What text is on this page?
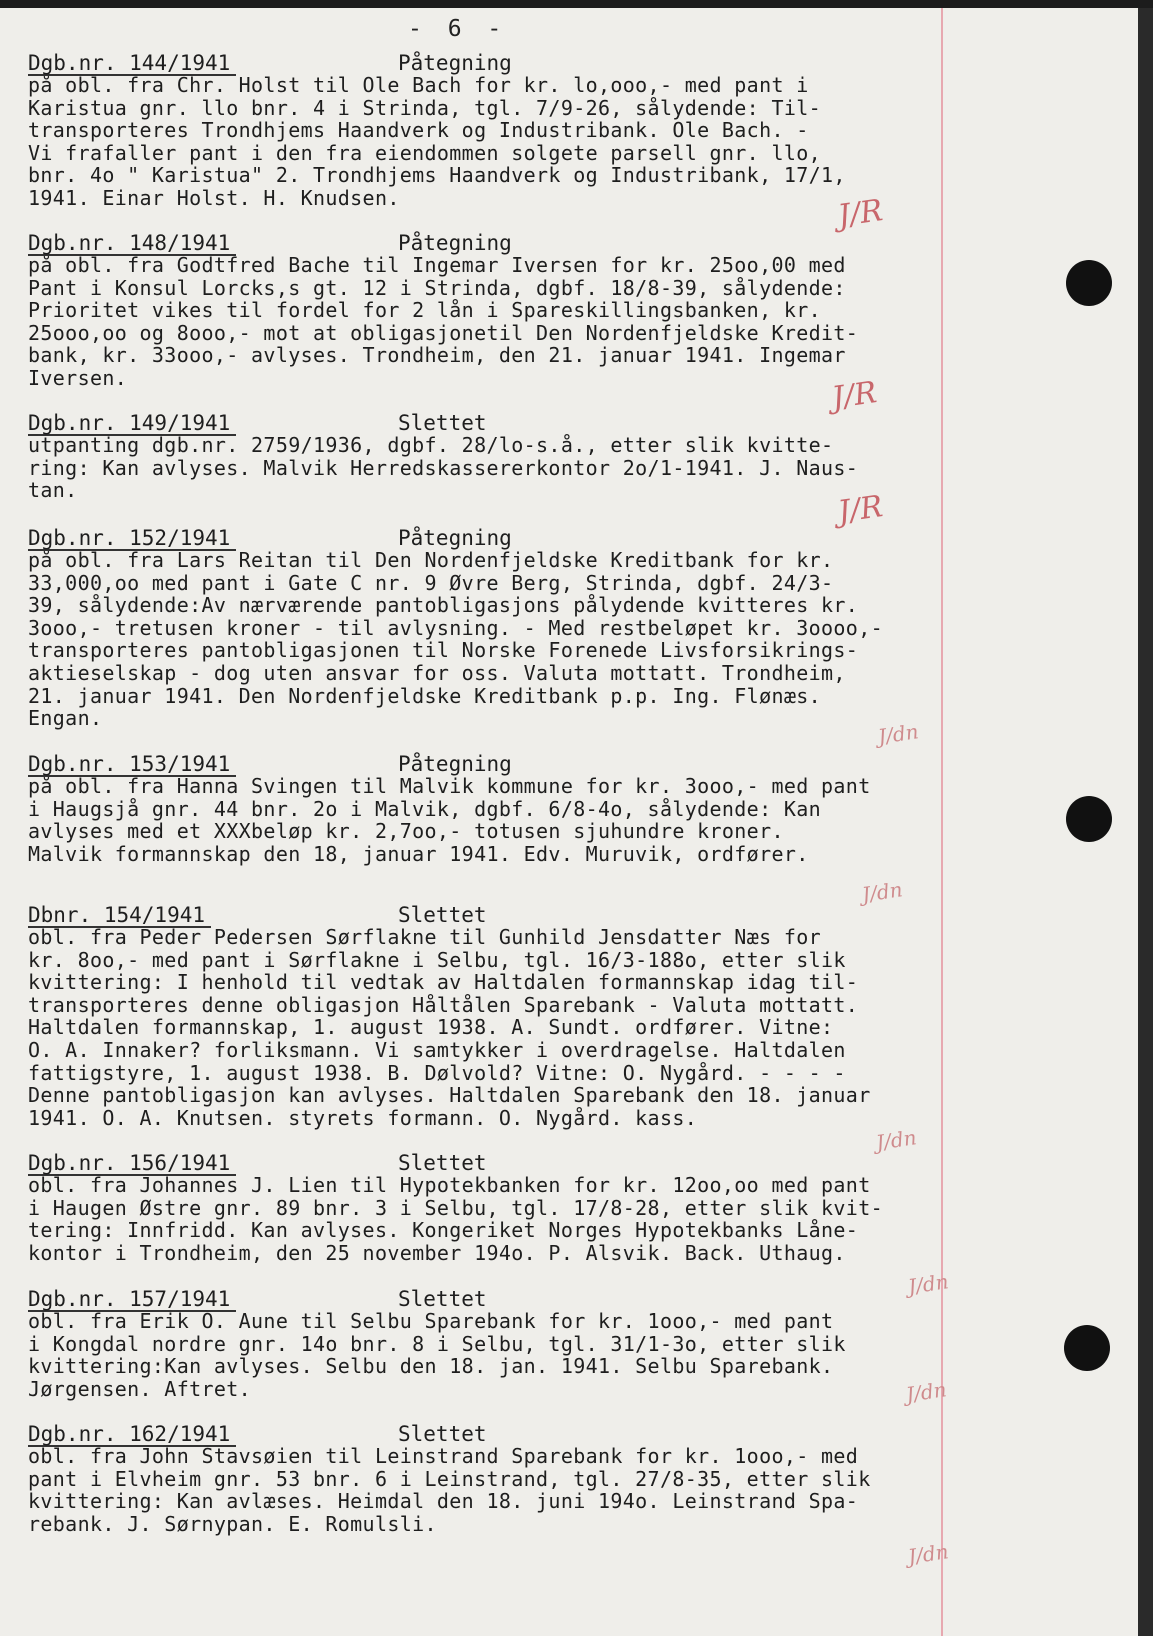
- 6 -
Dgb.nr. 144/1941	Påtegning

på obl. fra Chr. Holst til Ole Bach for kr. lo,ooo,- med pant i
Karistua gnr. llo bnr. 4 i Strinda, tgl. 7/9-26, sålydende: Til-
transporteres Trondhjems Haandverk og Industribank. Ole Bach. -
Vi frafaller pant i den fra eiendommen solgete parsell gnr. llo,
bnr. 4o " Karistua" 2. Trondhjems Haandverk og Industribank, 17/1,
1941. Einar Holst. H. Knudsen.	J/R
Dgb.nr. 148/1941	Påtegning

på obl. fra Godtfred Bache til Ingemar Iversen for kr. 25oo,00 med
Pant i Konsul Lorcks,s gt. 12 i Strinda, dgbf. 18/8-39, sålydende:
Prioritet vikes til fordel for 2 lån i Spareskillingsbanken, kr.
25ooo,oo og 8ooo,- mot at obligasjonetil Den Nordenfjeldske Kredit-
bank, kr. 33ooo,- avlyses. Trondheim, den 21. januar 1941. Ingemar
Iversen.	J/R
Dgb.nr. 149/1941	Slettet

utpanting dgb.nr. 2759/1936, dgbf. 28/lo-s.å., etter slik kvitte-
ring: Kan avlyses. Malvik Herredskassererkontor 2o/1-1941. J. Naus-
tan.	J/R
Dgb.nr. 152/1941	Påtegning

på obl. fra Lars Reitan til Den Nordenfjeldske Kreditbank for kr.
33,000,oo med pant i Gate C nr. 9 Øvre Berg, Strinda, dgbf. 24/3-
39, sålydende:Av nærværende pantobligasjons pålydende kvitteres kr.
3ooo,- tretusen kroner - til avlysning. - Med restbeløpet kr. 3oooo,-
transporteres pantobligasjonen til Norske Forenede Livsforsikrings-
aktieselskap - dog uten ansvar for oss. Valuta mottatt. Trondheim,
21. januar 1941. Den Nordenfjeldske Kreditbank p.p. Ing. Flønæs.
Engan.

J/dn
Dgb.nr. 153/1941	Påtegning

på obl. fra Hanna Svingen til Malvik kommune for kr. 3ooo,- med pant
i Haugsjå gnr. 44 bnr. 2o i Malvik, dgbf. 6/8-4o, sålydende: Kan
avlyses med et XXXbeløp kr. 2,7oo,- totusen sjuhundre kroner.
Malvik formannskap den 18, januar 1941. Edv. Muruvik, ordfører.

J/dn
Dbnr. 154/1941	Slettet

obl. fra Peder Pedersen Sørflakne til Gunhild Jensdatter Næs for
kr. 8oo,- med pant i Sørflakne i Selbu, tgl. 16/3-188o, etter slik
kvittering: I henhold til vedtak av Haltdalen formannskap idag til-
transporteres denne obligasjon Håltålen Sparebank - Valuta mottatt.
Haltdalen formannskap, 1. august 1938. A. Sundt. ordfører. Vitne:
O. A. Innaker? forliksmann. Vi samtykker i overdragelse. Haltdalen
fattigstyre, 1. august 1938. B. Dølvold? Vitne: O. Nygård. - - - -
Denne pantobligasjon kan avlyses. Haltdalen Sparebank den 18. januar
1941. O. A. Knutsen. styrets formann. O. Nygård. kass.

J/dn
Dgb.nr. 156/1941	Slettet

obl. fra Johannes J. Lien til Hypotekbanken for kr. 12oo,oo med pant
i Haugen Østre gnr. 89 bnr. 3 i Selbu, tgl. 17/8-28, etter slik kvit-
tering: Innfridd. Kan avlyses. Kongeriket Norges Hypotekbanks Låne-
kontor i Trondheim, den 25 november 194o. P. Alsvik. Back. Uthaug.

J/dn
Dgb.nr. 157/1941	Slettet

obl. fra Erik O. Aune til Selbu Sparebank for kr. 1ooo,- med pant
i Kongdal nordre gnr. 14o bnr. 8 i Selbu, tgl. 31/1-3o, etter slik
kvittering:Kan avlyses. Selbu den 18. jan. 1941. Selbu Sparebank.
Jørgensen. Aftret.	J/dn
Dgb.nr. 162/1941	Slettet

obl. fra John Stavsøien til Leinstrand Sparebank for kr. 1ooo,- med
pant i Elvheim gnr. 53 bnr. 6 i Leinstrand, tgl. 27/8-35, etter slik
kvittering: Kan avlæses. Heimdal den 18. juni 194o. Leinstrand Spa-
rebank. J. Sørnypan. E. Romulsli.

J/dn
